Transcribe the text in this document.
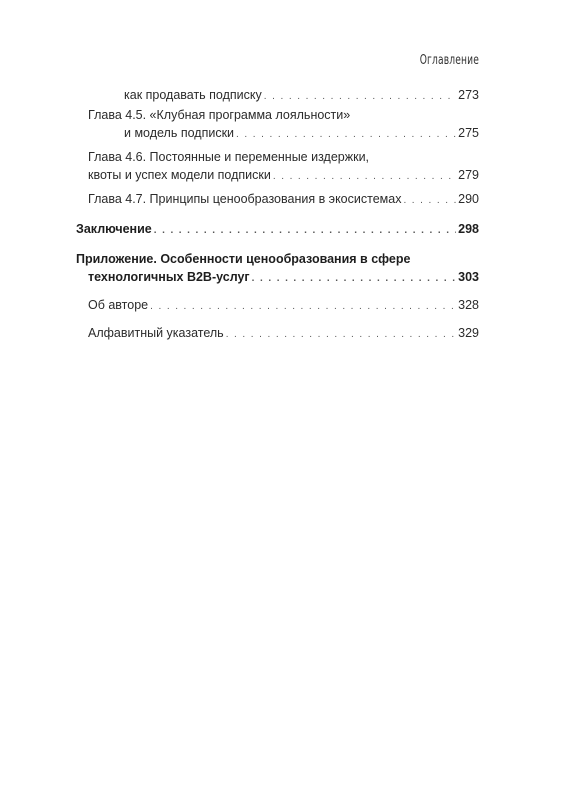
Оглавление
как продавать подписку . . .	273
Глава 4.5. «Клубная программа лояльности»
и модель подписки . . .	275
Глава 4.6. Постоянные и переменные издержки,
квоты и успех модели подписки . . .	279
Глава 4.7. Принципы ценообразования в экосистемах . . .	290
Заключение . . .	298
Приложение. Особенности ценообразования в сфере
технологичных B2B-услуг . . .	303
Об авторе . . .	328
Алфавитный указатель . . .	329
